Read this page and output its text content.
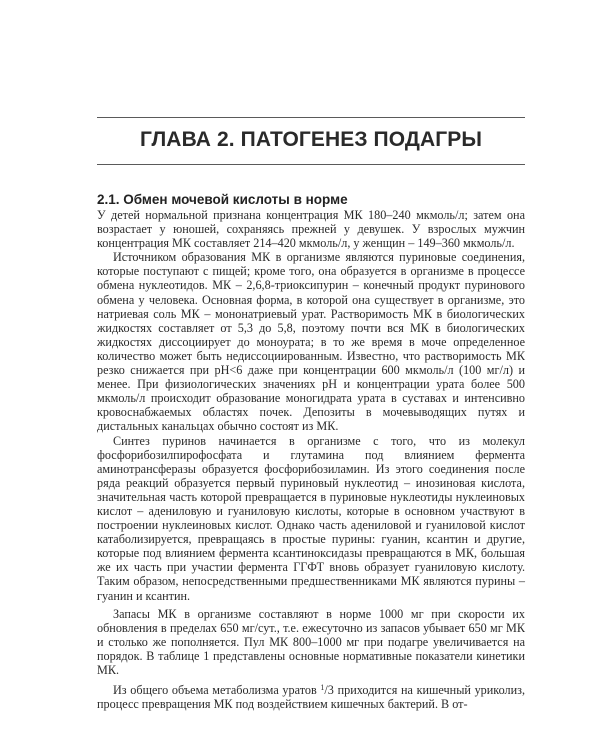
ГЛАВА 2. ПАТОГЕНЕЗ ПОДАГРЫ
2.1. Обмен мочевой кислоты в норме

У детей нормальной признана концентрация МК 180–240 мкмоль/л; затем она возрастает у юношей, сохраняясь прежней у девушек. У взрослых мужчин концентрация МК составляет 214–420 мкмоль/л, у женщин – 149–360 мкмоль/л.

Источником образования МК в организме являются пуриновые соединения, которые поступают с пищей; кроме того, она образуется в организме в процессе обмена нуклеотидов. МК – 2,6,8-триоксипурин – конечный продукт пуринового обмена у человека. Основная форма, в которой она существует в организме, это натриевая соль МК – мононатриевый урат. Растворимость МК в биологических жидкостях составляет от 5,3 до 5,8, поэтому почти вся МК в биологических жидкостях диссоциирует до моноурата; в то же время в моче определенное количество может быть недиссоциированным. Известно, что растворимость МК резко снижается при pH<6 даже при концентрации 600 мкмоль/л (100 мг/л) и менее. При физиологических значениях pH и концентрации урата более 500 мкмоль/л происходит образование моногидрата урата в суставах и интенсивно кровоснабжаемых областях почек. Депозиты в мочевыводящих путях и дистальных канальцах обычно состоят из МК.

Синтез пуринов начинается в организме с того, что из молекул фосфорибозилпирофосфата и глутамина под влиянием фермента аминотрансферазы образуется фосфорибозиламин. Из этого соединения после ряда реакций образуется первый пуриновый нуклеотид – инозиновая кислота, значительная часть которой превращается в пуриновые нуклеотиды нуклеиновых кислот – адениловую и гуаниловую кислоты, которые в основном участвуют в построении нуклеиновых кислот. Однако часть адениловой и гуаниловой кислот катаболизируется, превращаясь в простые пурины: гуанин, ксантин и другие, которые под влиянием фермента ксантиноксидазы превращаются в МК, большая же их часть при участии фермента ГГФТ вновь образует гуаниловую кислоту. Таким образом, непосредственными предшественниками МК являются пурины – гуанин и ксантин.

Запасы МК в организме составляют в норме 1000 мг при скорости их обновления в пределах 650 мг/сут., т.е. ежесуточно из запасов убывает 650 мг МК и столько же пополняется. Пул МК 800–1000 мг при подагре увеличивается на порядок. В таблице 1 представлены основные нормативные показатели кинетики МК.

Из общего объема метаболизма уратов $^1$/3 приходится на кишечный уриколиз, процесс превращения МК под воздействием кишечных бактерий. В от-
